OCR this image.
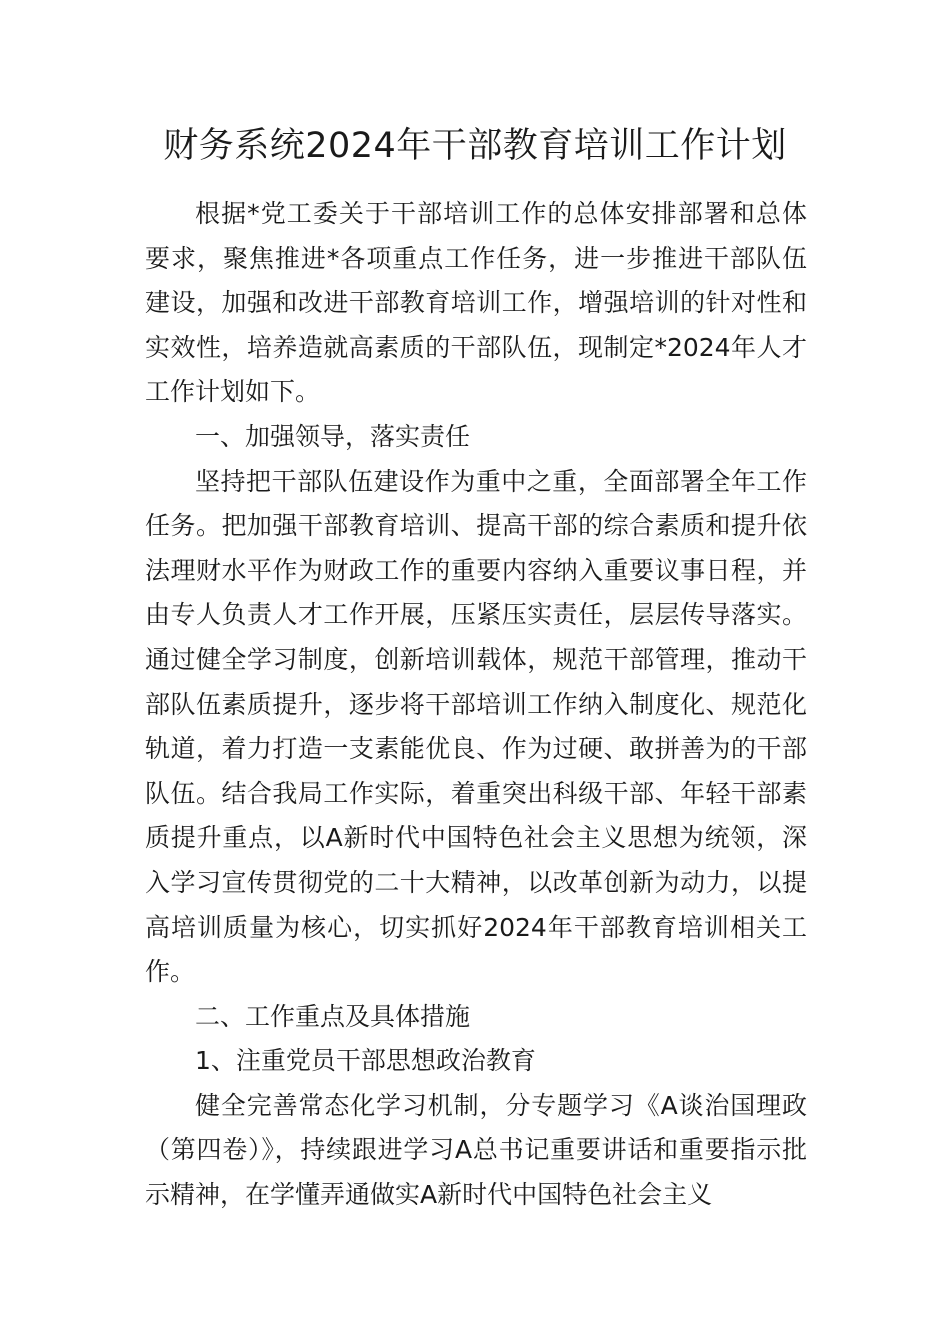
财务系统2024年干部教育培训工作计划

根据*党工委关于干部培训工作的总体安排部署和总体要求，聚焦推进*各项重点工作任务，进一步推进干部队伍建设，加强和改进干部教育培训工作，增强培训的针对性和实效性，培养造就高素质的干部队伍，现制定*2024年人才工作计划如下。

一、加强领导，落实责任

坚持把干部队伍建设作为重中之重，全面部署全年工作任务。把加强干部教育培训、提高干部的综合素质和提升依法理财水平作为财政工作的重要内容纳入重要议事日程，并由专人负责人才工作开展，压紧压实责任，层层传导落实。通过健全学习制度，创新培训载体，规范干部管理，推动干部队伍素质提升，逐步将干部培训工作纳入制度化、规范化轨道，着力打造一支素能优良、作为过硬、敢拼善为的干部队伍。结合我局工作实际，着重突出科级干部、年轻干部素质提升重点，以A新时代中国特色社会主义思想为统领，深入学习宣传贯彻党的二十大精神，以改革创新为动力，以提高培训质量为核心，切实抓好2024年干部教育培训相关工作。

二、工作重点及具体措施

1、注重党员干部思想政治教育

健全完善常态化学习机制，分专题学习《A谈治国理政（第四卷）》，持续跟进学习A总书记重要讲话和重要指示批示精神，在学懂弄通做实A新时代中国特色社会主义
